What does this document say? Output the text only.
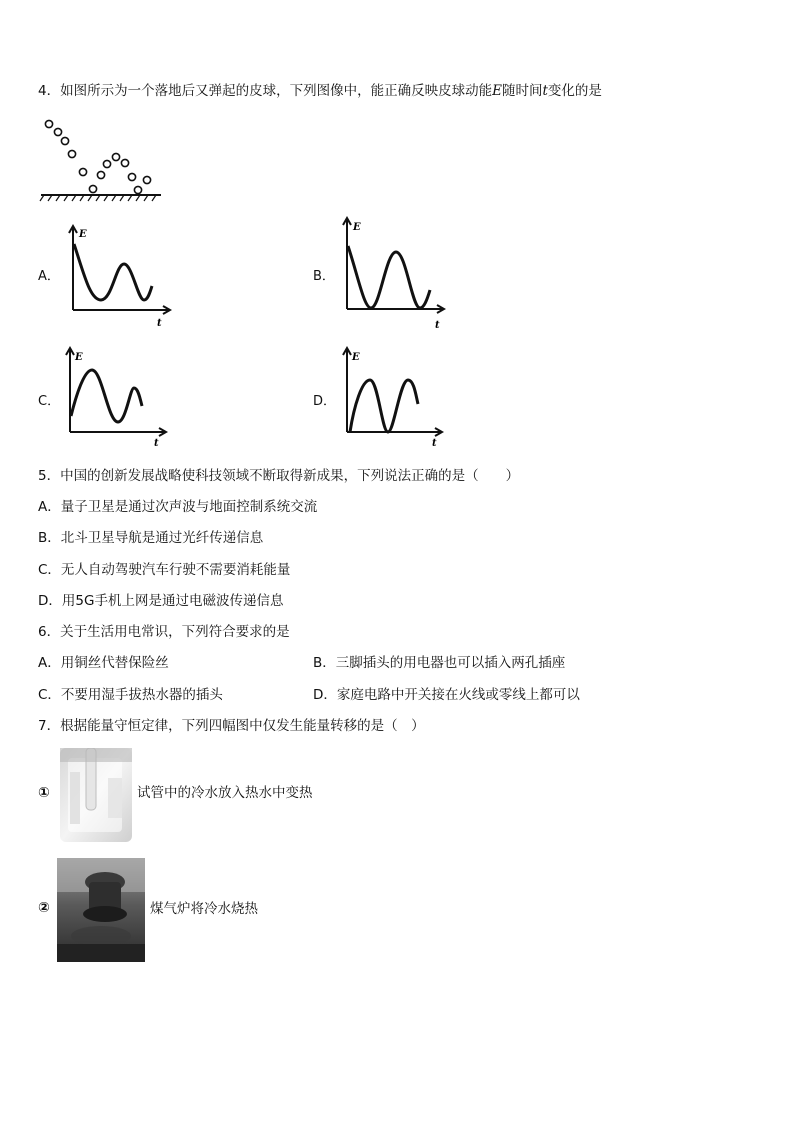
4．如图所示为一个落地后又弹起的皮球，下列图像中，能正确反映皮球动能E随时间t变化的是
A．
E
t
B．
E
t
C．
E
t
D．
E
t
5．中国的创新发展战略使科技领域不断取得新成果，下列说法正确的是（　　）
A．量子卫星是通过次声波与地面控制系统交流
B．北斗卫星导航是通过光纤传递信息
C．无人自动驾驶汽车行驶不需要消耗能量
D．用5G手机上网是通过电磁波传递信息
6．关于生活用电常识，下列符合要求的是
A．用铜丝代替保险丝	B．三脚插头的用电器也可以插入两孔插座
C．不要用湿手拔热水器的插头	D．家庭电路中开关接在火线或零线上都可以
7．根据能量守恒定律，下列四幅图中仅发生能量转移的是（　）
①	试管中的冷水放入热水中变热
②	煤气炉将冷水烧热
